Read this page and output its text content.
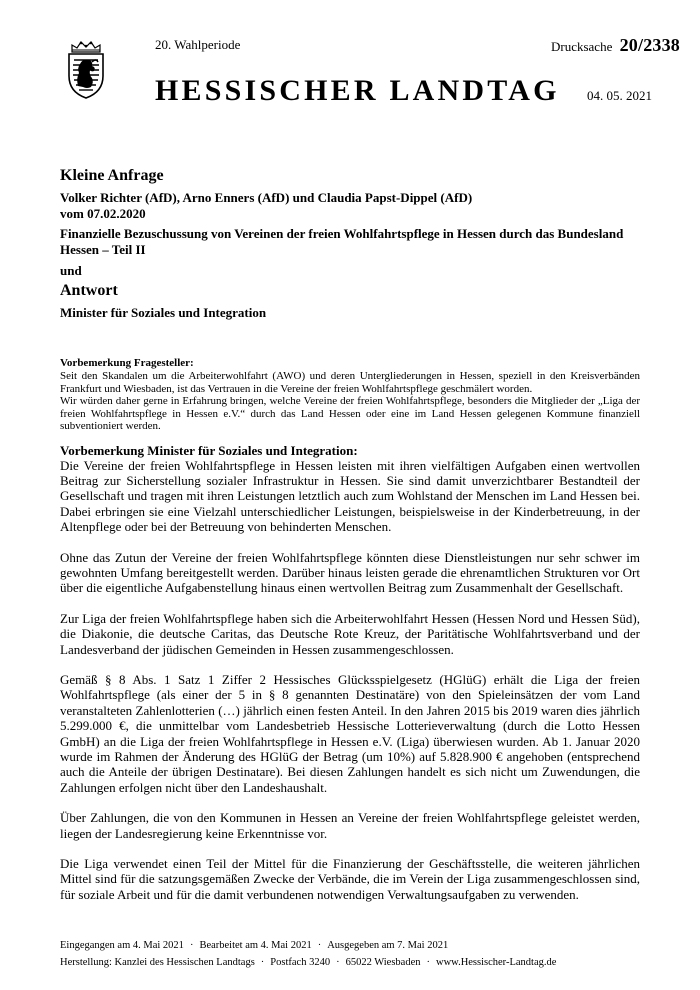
20. Wahlperiode	Drucksache 20/2338
HESSISCHER LANDTAG 04. 05. 2021
Kleine Anfrage
Volker Richter (AfD), Arno Enners (AfD) und Claudia Papst-Dippel (AfD)
vom 07.02.2020
Finanzielle Bezuschussung von Vereinen der freien Wohlfahrtspflege in Hessen durch das Bundesland Hessen – Teil II
und
Antwort
Minister für Soziales und Integration
Vorbemerkung Fragesteller:

Seit den Skandalen um die Arbeiterwohlfahrt (AWO) und deren Untergliederungen in Hessen, speziell in den Kreisverbänden Frankfurt und Wiesbaden, ist das Vertrauen in die Vereine der freien Wohlfahrtspflege geschmälert worden.

Wir würden daher gerne in Erfahrung bringen, welche Vereine der freien Wohlfahrtspflege, besonders die Mitglieder der „Liga der freien Wohlfahrtspflege in Hessen e.V.“ durch das Land Hessen oder eine im Land Hessen gelegenen Kommune finanziell subventioniert werden.

Vorbemerkung Minister für Soziales und Integration:

Die Vereine der freien Wohlfahrtspflege in Hessen leisten mit ihren vielfältigen Aufgaben einen wertvollen Beitrag zur Sicherstellung sozialer Infrastruktur in Hessen. Sie sind damit unverzichtbarer Bestandteil der Gesellschaft und tragen mit ihren Leistungen letztlich auch zum Wohlstand der Menschen im Land Hessen bei. Dabei erbringen sie eine Vielzahl unterschiedlicher Leistungen, beispielsweise in der Kinderbetreuung, in der Altenpflege oder bei der Betreuung von behinderten Menschen.

Ohne das Zutun der Vereine der freien Wohlfahrtspflege könnten diese Dienstleistungen nur sehr schwer im gewohnten Umfang bereitgestellt werden. Darüber hinaus leisten gerade die ehrenamtlichen Strukturen vor Ort über die eigentliche Aufgabenstellung hinaus einen wertvollen Beitrag zum Zusammenhalt der Gesellschaft.

Zur Liga der freien Wohlfahrtspflege haben sich die Arbeiterwohlfahrt Hessen (Hessen Nord und Hessen Süd), die Diakonie, die deutsche Caritas, das Deutsche Rote Kreuz, der Paritätische Wohlfahrtsverband und der Landesverband der jüdischen Gemeinden in Hessen zusammengeschlossen.

Gemäß § 8 Abs. 1 Satz 1 Ziffer 2 Hessisches Glücksspielgesetz (HGlüG) erhält die Liga der freien Wohlfahrtspflege (als einer der 5 in § 8 genannten Destinatäre) von den Spieleinsätzen der vom Land veranstalteten Zahlenlotterien (…) jährlich einen festen Anteil. In den Jahren 2015 bis 2019 waren dies jährlich 5.299.000 €, die unmittelbar vom Landesbetrieb Hessische Lotterieverwaltung (durch die Lotto Hessen GmbH) an die Liga der freien Wohlfahrtspflege in Hessen e.V. (Liga) überwiesen wurden. Ab 1. Januar 2020 wurde im Rahmen der Änderung des HGlüG der Betrag (um 10%) auf 5.828.900 € angehoben (entsprechend auch die Anteile der übrigen Destinatare). Bei diesen Zahlungen handelt es sich nicht um Zuwendungen, die Zahlungen erfolgen nicht über den Landeshaushalt.

Über Zahlungen, die von den Kommunen in Hessen an Vereine der freien Wohlfahrtspflege geleistet werden, liegen der Landesregierung keine Erkenntnisse vor.

Die Liga verwendet einen Teil der Mittel für die Finanzierung der Geschäftsstelle, die weiteren jährlichen Mittel sind für die satzungsgemäßen Zwecke der Verbände, die im Verein der Liga zusammengeschlossen sind, für soziale Arbeit und für die damit verbundenen notwendigen Verwaltungsaufgaben zu verwenden.

Eingegangen am 4. Mai 2021 · Bearbeitet am 4. Mai 2021 · Ausgegeben am 7. Mai 2021
Herstellung: Kanzlei des Hessischen Landtags · Postfach 3240 · 65022 Wiesbaden · www.Hessischer-Landtag.de
